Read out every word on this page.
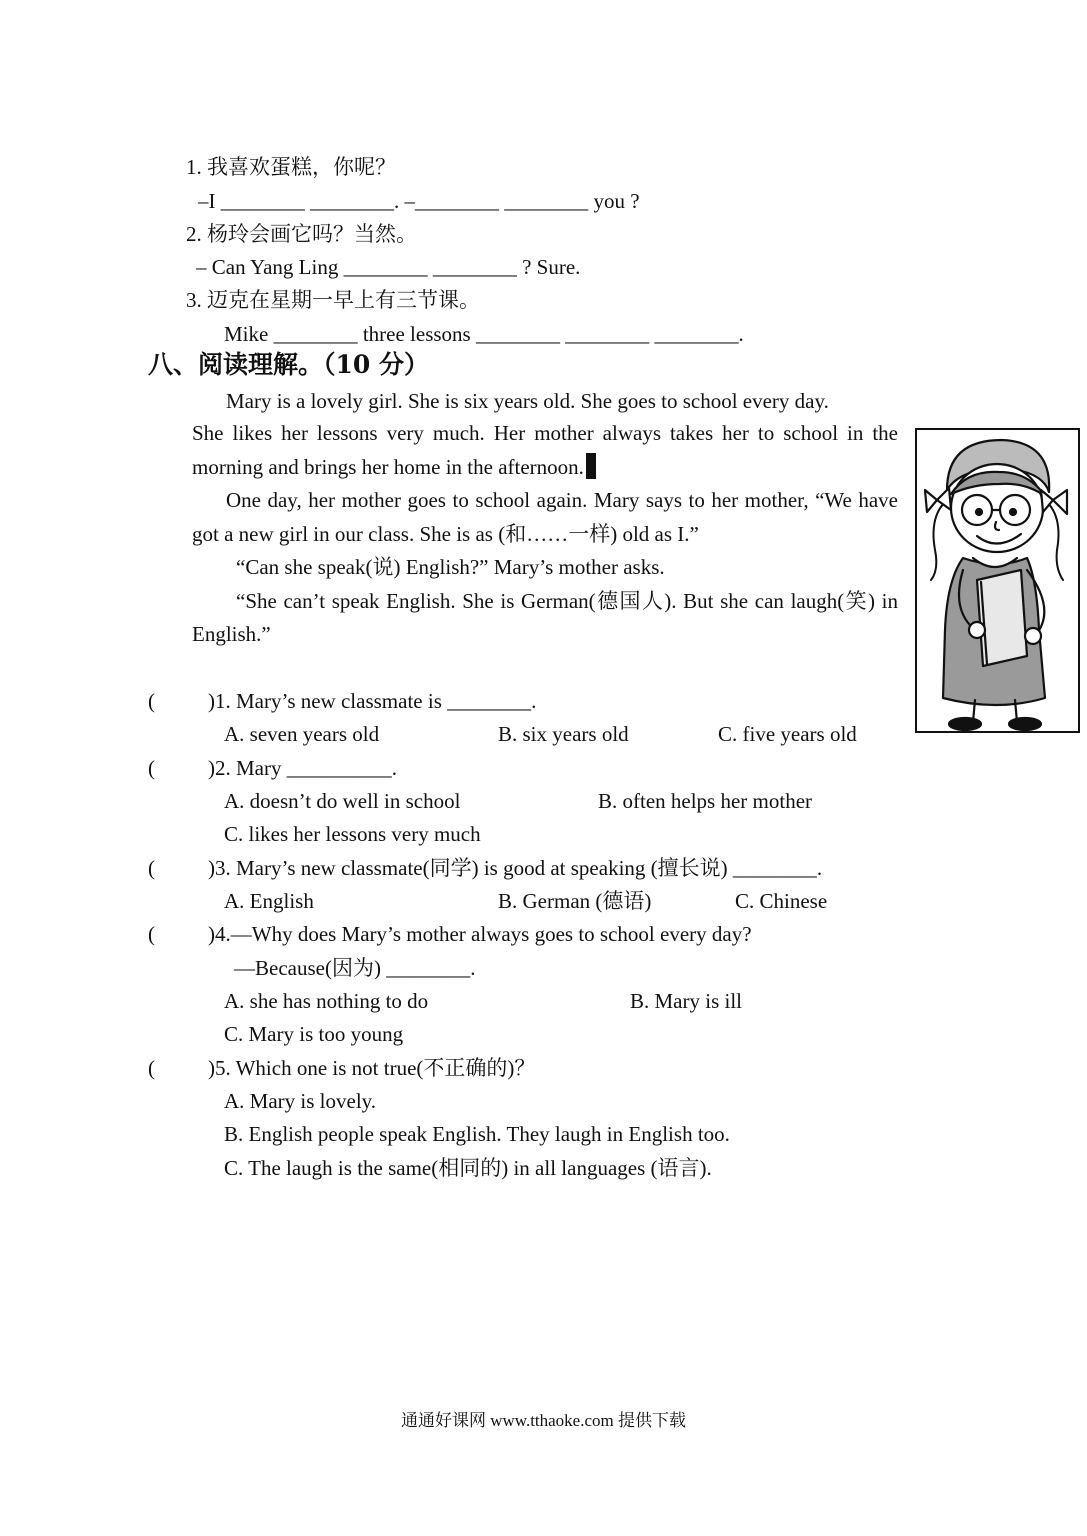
1. 我喜欢蛋糕，你呢？
–I ________ ________. –________ ________ you ?
2. 杨玲会画它吗？当然。
– Can Yang Ling ________ ________ ? Sure.
3. 迈克在星期一早上有三节课。
Mike ________ three lessons ________ ________ ________.
八、阅读理解。（10 分）
Mary is a lovely girl. She is six years old. She goes to school every day.

She likes her lessons very much. Her mother always takes her to school in the morning and brings her home in the afternoon.

One day, her mother goes to school again. Mary says to her mother, “We have got a new girl in our class. She is as (和……一样) old as I.”

“Can she speak(说) English?” Mary’s mother asks.

“She can’t speak English. She is German(德国人). But she can laugh(笑) in English.”

(	)1. Mary’s new classmate is ________.
A. seven years old	B. six years old	C. five years old
(	)2. Mary __________.
A. doesn’t do well in school	B. often helps her mother
C. likes her lessons very much
(	)3. Mary’s new classmate(同学) is good at speaking (擅长说) ________.
A. English	B. German (德语)	C. Chinese
(	)4.—Why does Mary’s mother always goes to school every day?
—Because(因为) ________.
A. she has nothing to do	B. Mary is ill
C. Mary is too young
(	)5. Which one is not true(不正确的)？
A. Mary is lovely.
B. English people speak English. They laugh in English too.
C. The laugh is the same(相同的) in all languages (语言).
通通好课网 www.tthaoke.com 提供下载
